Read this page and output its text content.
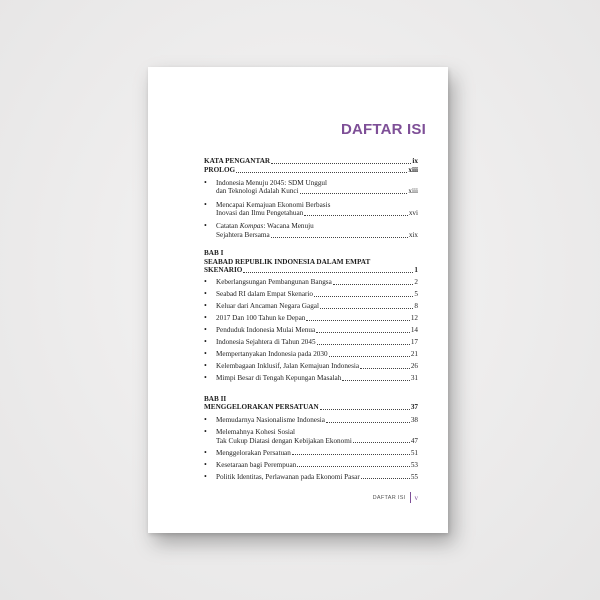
DAFTAR ISI
KATA PENGANTAR	ix
PROLOG	xiii
• Indonesia Menuju 2045: SDM Unggul
dan Teknologi Adalah Kunci	xiii
• Mencapai Kemajuan Ekonomi Berbasis
Inovasi dan Ilmu Pengetahuan	xvi
• Catatan Kompas: Wacana Menuju
Sejahtera Bersama	xix
BAB I
SEABAD REPUBLIK INDONESIA DALAM EMPAT
SKENARIO	1
• Keberlangsungan Pembangunan Bangsa	2
• Seabad RI dalam Empat Skenario	5
• Keluar dari Ancaman Negara Gagal	8
• 2017 Dan 100 Tahun ke Depan	12
• Penduduk Indonesia Mulai Menua	14
• Indonesia Sejahtera di Tahun 2045	17
• Mempertanyakan Indonesia pada 2030	21
• Kelembagaan Inklusif, Jalan Kemajuan Indonesia	26
• Mimpi Besar di Tengah Kepungan Masalah	31
BAB II
MENGGELORAKAN PERSATUAN	37
• Memudarnya Nasionalisme Indonesia	38
• Melemahnya Kohesi Sosial
Tak Cukup Diatasi dengan Kebijakan Ekonomi	47
• Menggelorakan Persatuan	51
• Kesetaraan bagi Perempuan	53
• Politik Identitas, Perlawanan pada Ekonomi Pasar	55
DAFTAR ISI v
